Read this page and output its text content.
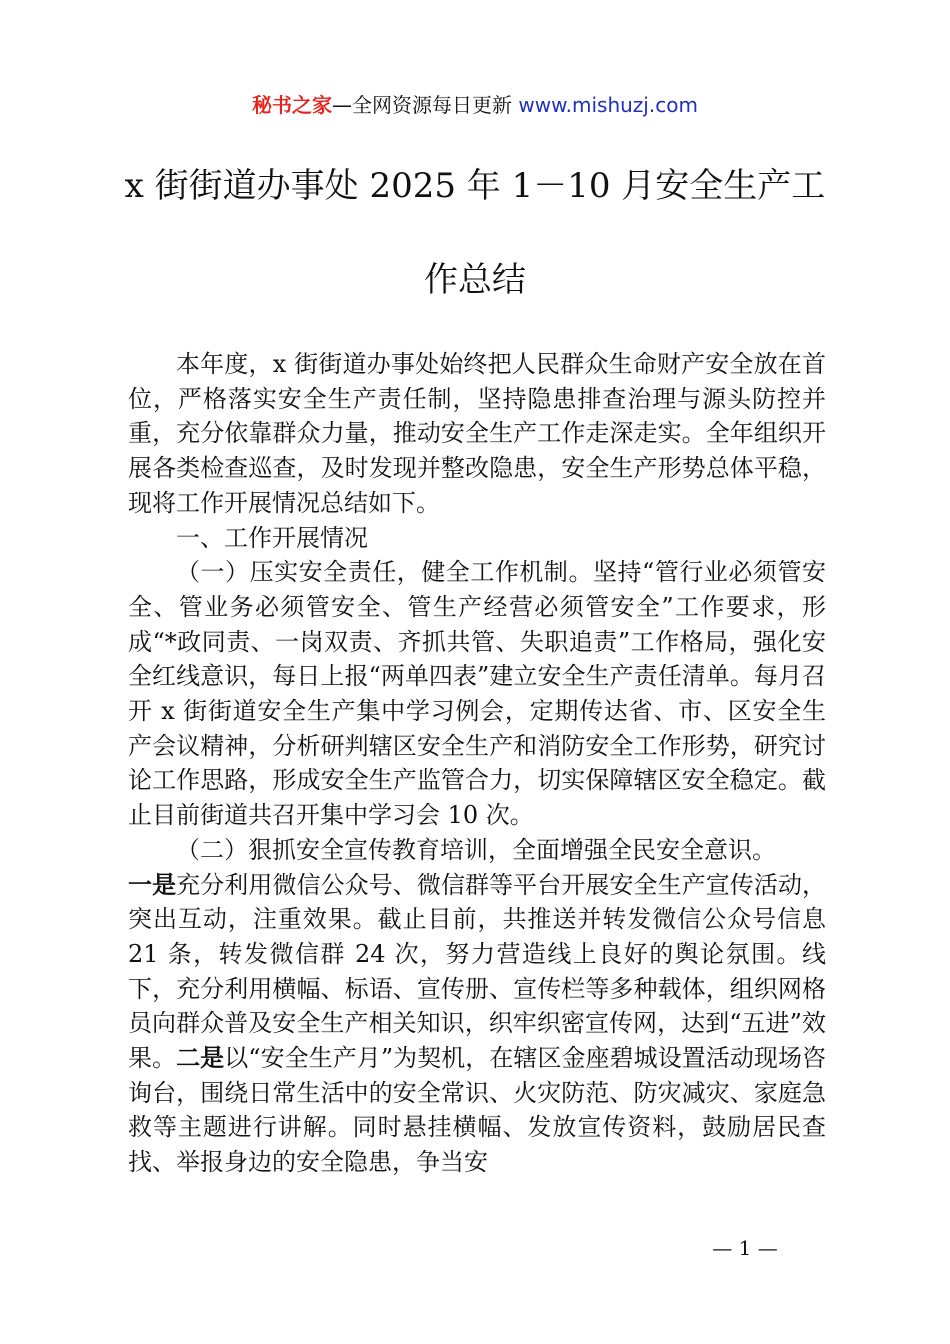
秘书之家—全网资源每日更新 www.mishuzj.com
x 街街道办事处 2025 年 1－10 月安全生产工
作总结

本年度，x 街街道办事处始终把人民群众生命财产安全放在首位，严格落实安全生产责任制，坚持隐患排查治理与源头防控并重，充分依靠群众力量，推动安全生产工作走深走实。全年组织开展各类检查巡查，及时发现并整改隐患，安全生产形势总体平稳，现将工作开展情况总结如下。

一、工作开展情况

（一）压实安全责任，健全工作机制。坚持“管行业必须管安全、管业务必须管安全、管生产经营必须管安全”工作要求，形成“*政同责、一岗双责、齐抓共管、失职追责”工作格局，强化安全红线意识，每日上报“两单四表”建立安全生产责任清单。每月召开 x 街街道安全生产集中学习例会，定期传达省、市、区安全生产会议精神，分析研判辖区安全生产和消防安全工作形势，研究讨论工作思路，形成安全生产监管合力，切实保障辖区安全稳定。截止目前街道共召开集中学习会 10 次。

（二）狠抓安全宣传教育培训，全面增强全民安全意识。

一是充分利用微信公众号、微信群等平台开展安全生产宣传活动，突出互动，注重效果。截止目前，共推送并转发微信公众号信息 21 条，转发微信群 24 次，努力营造线上良好的舆论氛围。线下，充分利用横幅、标语、宣传册、宣传栏等多种载体，组织网格员向群众普及安全生产相关知识，织牢织密宣传网，达到“五进”效果。二是以“安全生产月”为契机，在辖区金座碧城设置活动现场咨询台，围绕日常生活中的安全常识、火灾防范、防灾减灾、家庭急救等主题进行讲解。同时悬挂横幅、发放宣传资料，鼓励居民查找、举报身边的安全隐患，争当安

— 1 —
